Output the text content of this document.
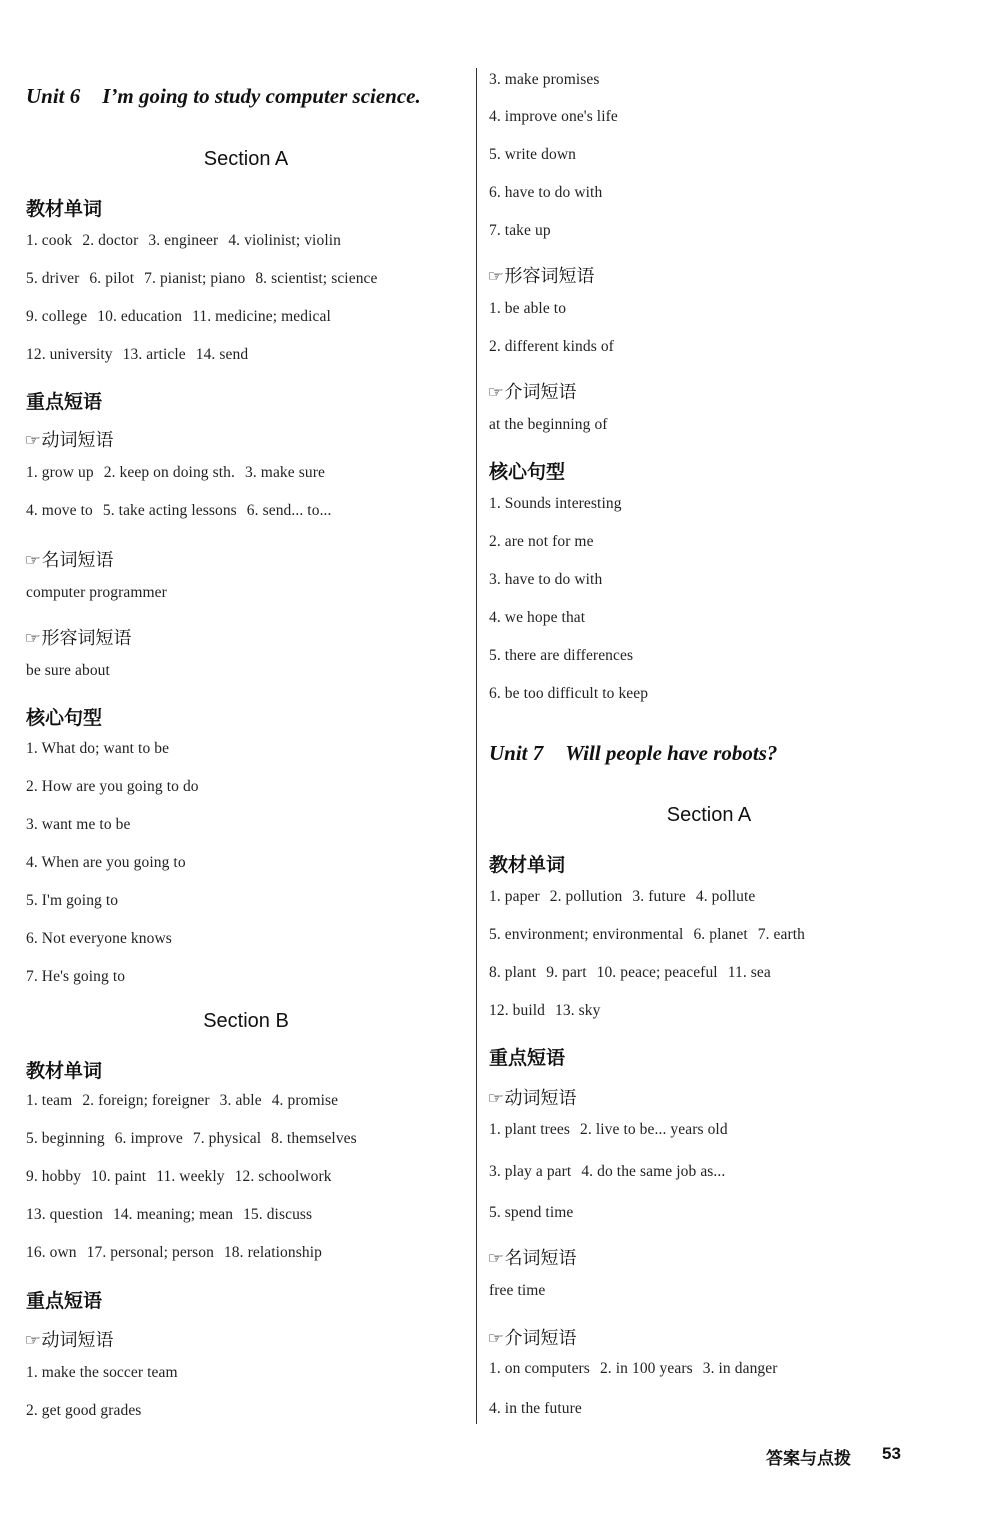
Unit 6 I’m going to study computer science.
Section A
教材单词
1. cook 2. doctor 3. engineer 4. violinist; violin
5. driver 6. pilot 7. pianist; piano 8. scientist; science
9. college 10. education 11. medicine; medical
12. university 13. article 14. send
重点短语
☞动词短语
1. grow up 2. keep on doing sth. 3. make sure
4. move to 5. take acting lessons 6. send... to...
☞名词短语
computer programmer
☞形容词短语
be sure about
核心句型
1. What do; want to be
2. How are you going to do
3. want me to be
4. When are you going to
5. I'm going to
6. Not everyone knows
7. He's going to
Section B
教材单词
1. team 2. foreign; foreigner 3. able 4. promise
5. beginning 6. improve 7. physical 8. themselves
9. hobby 10. paint 11. weekly 12. schoolwork
13. question 14. meaning; mean 15. discuss
16. own 17. personal; person 18. relationship
重点短语
☞动词短语
1. make the soccer team
2. get good grades
3. make promises
4. improve one's life
5. write down
6. have to do with
7. take up
☞形容词短语
1. be able to
2. different kinds of
☞介词短语
at the beginning of
核心句型
1. Sounds interesting
2. are not for me
3. have to do with
4. we hope that
5. there are differences
6. be too difficult to keep
Unit 7 Will people have robots?
Section A
教材单词
1. paper 2. pollution 3. future 4. pollute
5. environment; environmental 6. planet 7. earth
8. plant 9. part 10. peace; peaceful 11. sea
12. build 13. sky
重点短语
☞动词短语
1. plant trees 2. live to be... years old
3. play a part 4. do the same job as...
5. spend time
☞名词短语
free time
☞介词短语
1. on computers 2. in 100 years 3. in danger
4. in the future
答案与点拨 53
